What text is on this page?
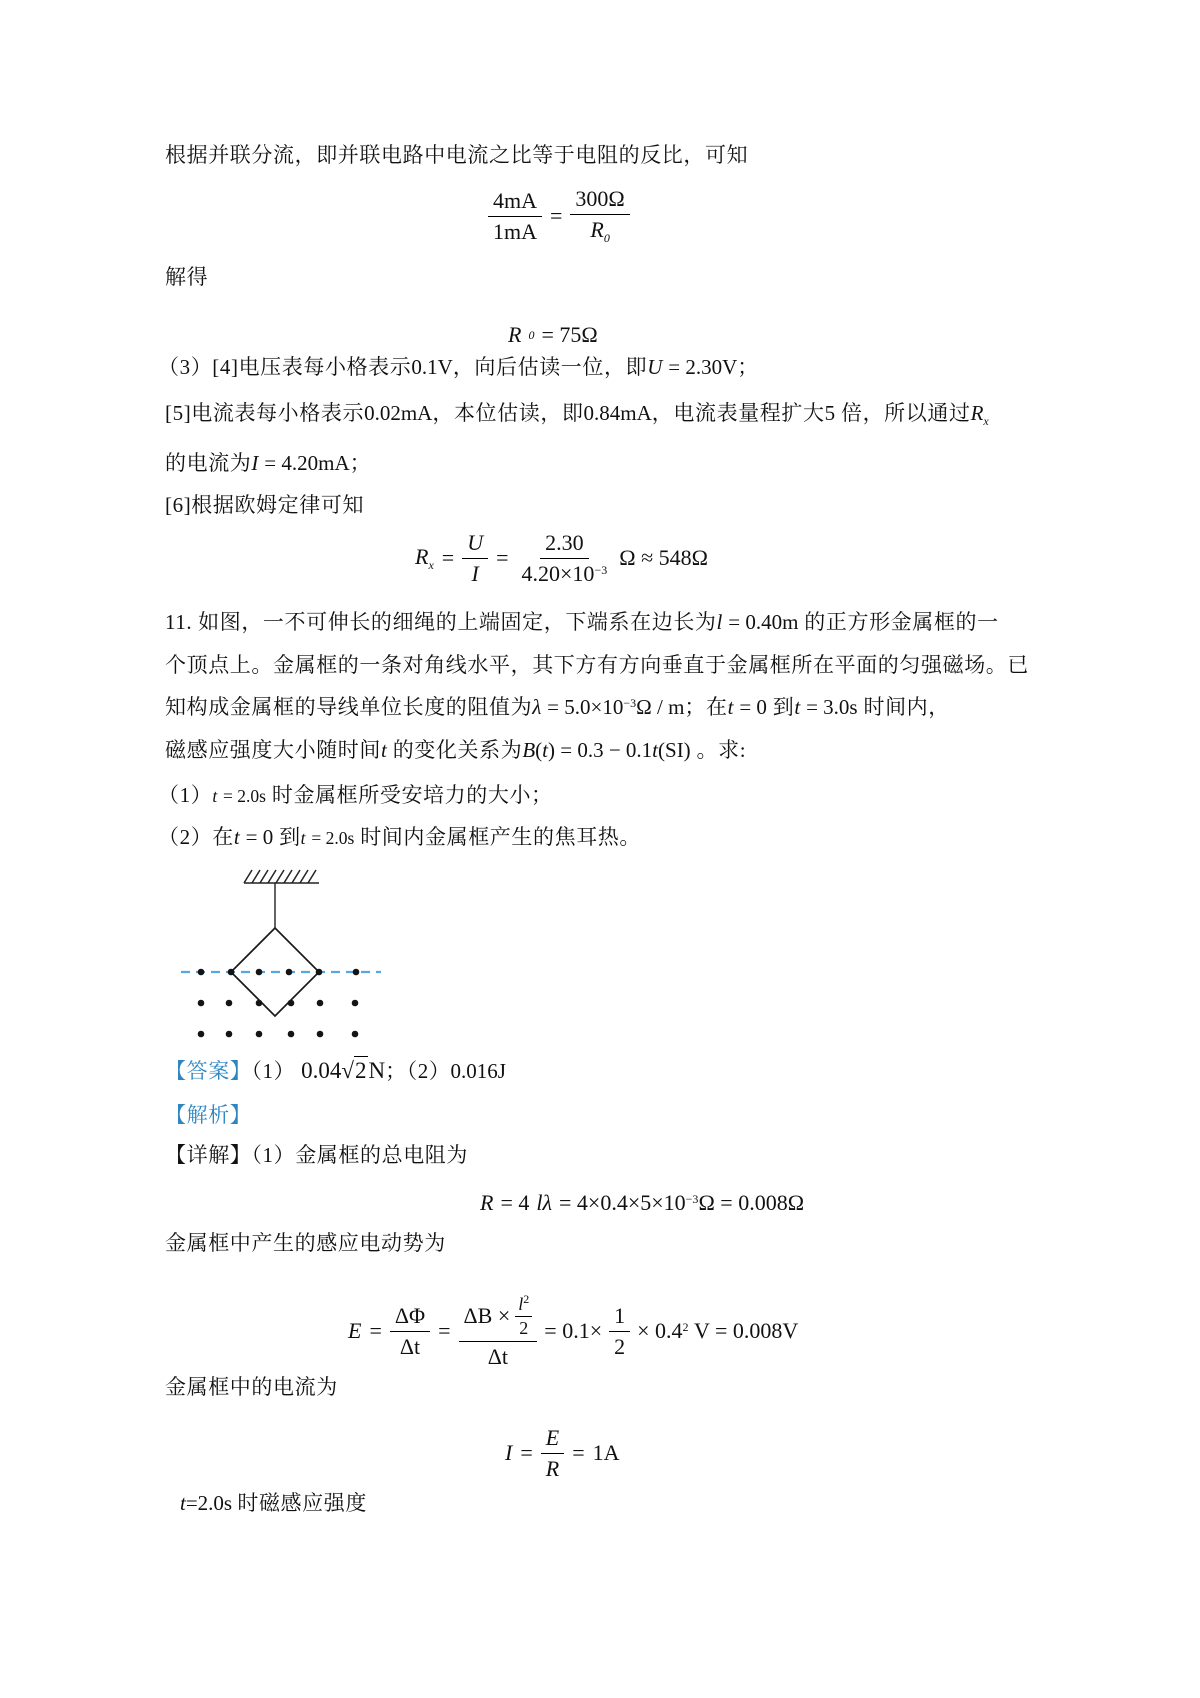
根据并联分流，即并联电路中电流之比等于电阻的反比，可知
$\frac{4mA}{1mA} = \frac{300\Omega}{R_0}$
解得
R 0 = 75Ω
（3）[4]电压表每小格表示0.1V，向后估读一位，即U = 2.30V；
[5]电流表每小格表示0.02mA，本位估读，即0.84mA，电流表量程扩大5 倍，所以通过$R_x$
的电流为I = 4.20mA；
[6]根据欧姆定律可知
$R_x = \frac{U}{I} = \frac{2.30}{4.20\times 10^{-3}}$ Ω ≈ 548Ω
11. 如图，一不可伸长的细绳的上端固定，下端系在边长为l = 0.40m 的正方形金属框的一
个顶点上。金属框的一条对角线水平，其下方有方向垂直于金属框所在平面的匀强磁场。已
知构成金属框的导线单位长度的阻值为$\lambda = 5.0\times 10^{-3}\Omega / m$；在t = 0 到t = 3.0s 时间内，
磁感应强度大小随时间t 的变化关系为B(t) = 0.3 − 0.1t(SI) 。求:
（1）t = 2.0s 时金属框所受安培力的大小；
（2）在t = 0 到t = 2.0s 时间内金属框产生的焦耳热。
【答案】（1） 0.04√2N；（2）0.016J
【解析】
【详解】（1）金属框的总电阻为
R = 4 $l\lambda = 4\times 0.4\times 5\times 10^{-3}\Omega = 0.008\Omega$
金属框中产生的感应电动势为
$E = \frac{\Delta\Phi}{\Delta t} = \frac{\Delta B \times \frac{l^2}{2}}{\Delta t} = 0.1\times \frac{1}{2} \times 0.4^2$ V = 0.008V
金属框中的电流为
$I = \frac{E}{R} = 1A$
t=2.0s 时磁感应强度
